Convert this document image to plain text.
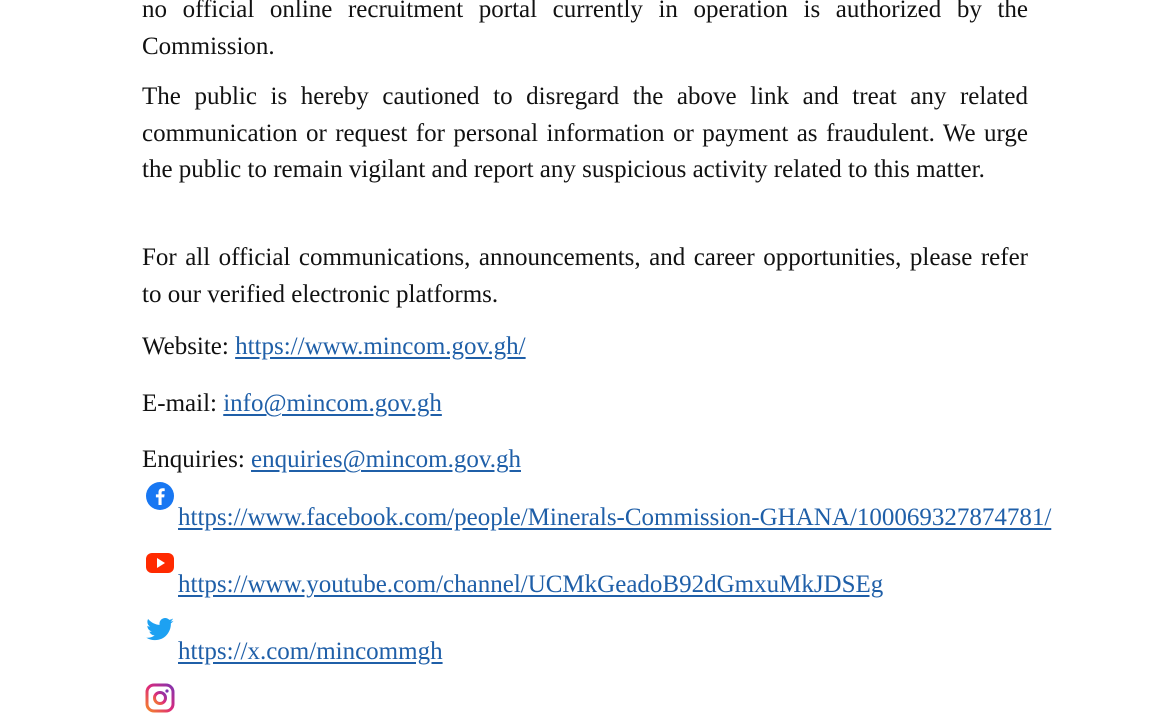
no official online recruitment portal currently in operation is authorized by the
Commission.

The public is hereby cautioned to disregard the above link and treat any related communication or request for personal information or payment as fraudulent. We urge the public to remain vigilant and report any suspicious activity related to this matter.

For all official communications, announcements, and career opportunities, please refer to our verified electronic platforms.

Website: https://www.mincom.gov.gh/
E-mail: info@mincom.gov.gh
Enquiries: enquiries@mincom.gov.gh
https://www.facebook.com/people/Minerals-Commission-GHANA/100069327874781/
https://www.youtube.com/channel/UCMkGeadoB92dGmxuMkJDSEg
https://x.com/mincommgh
